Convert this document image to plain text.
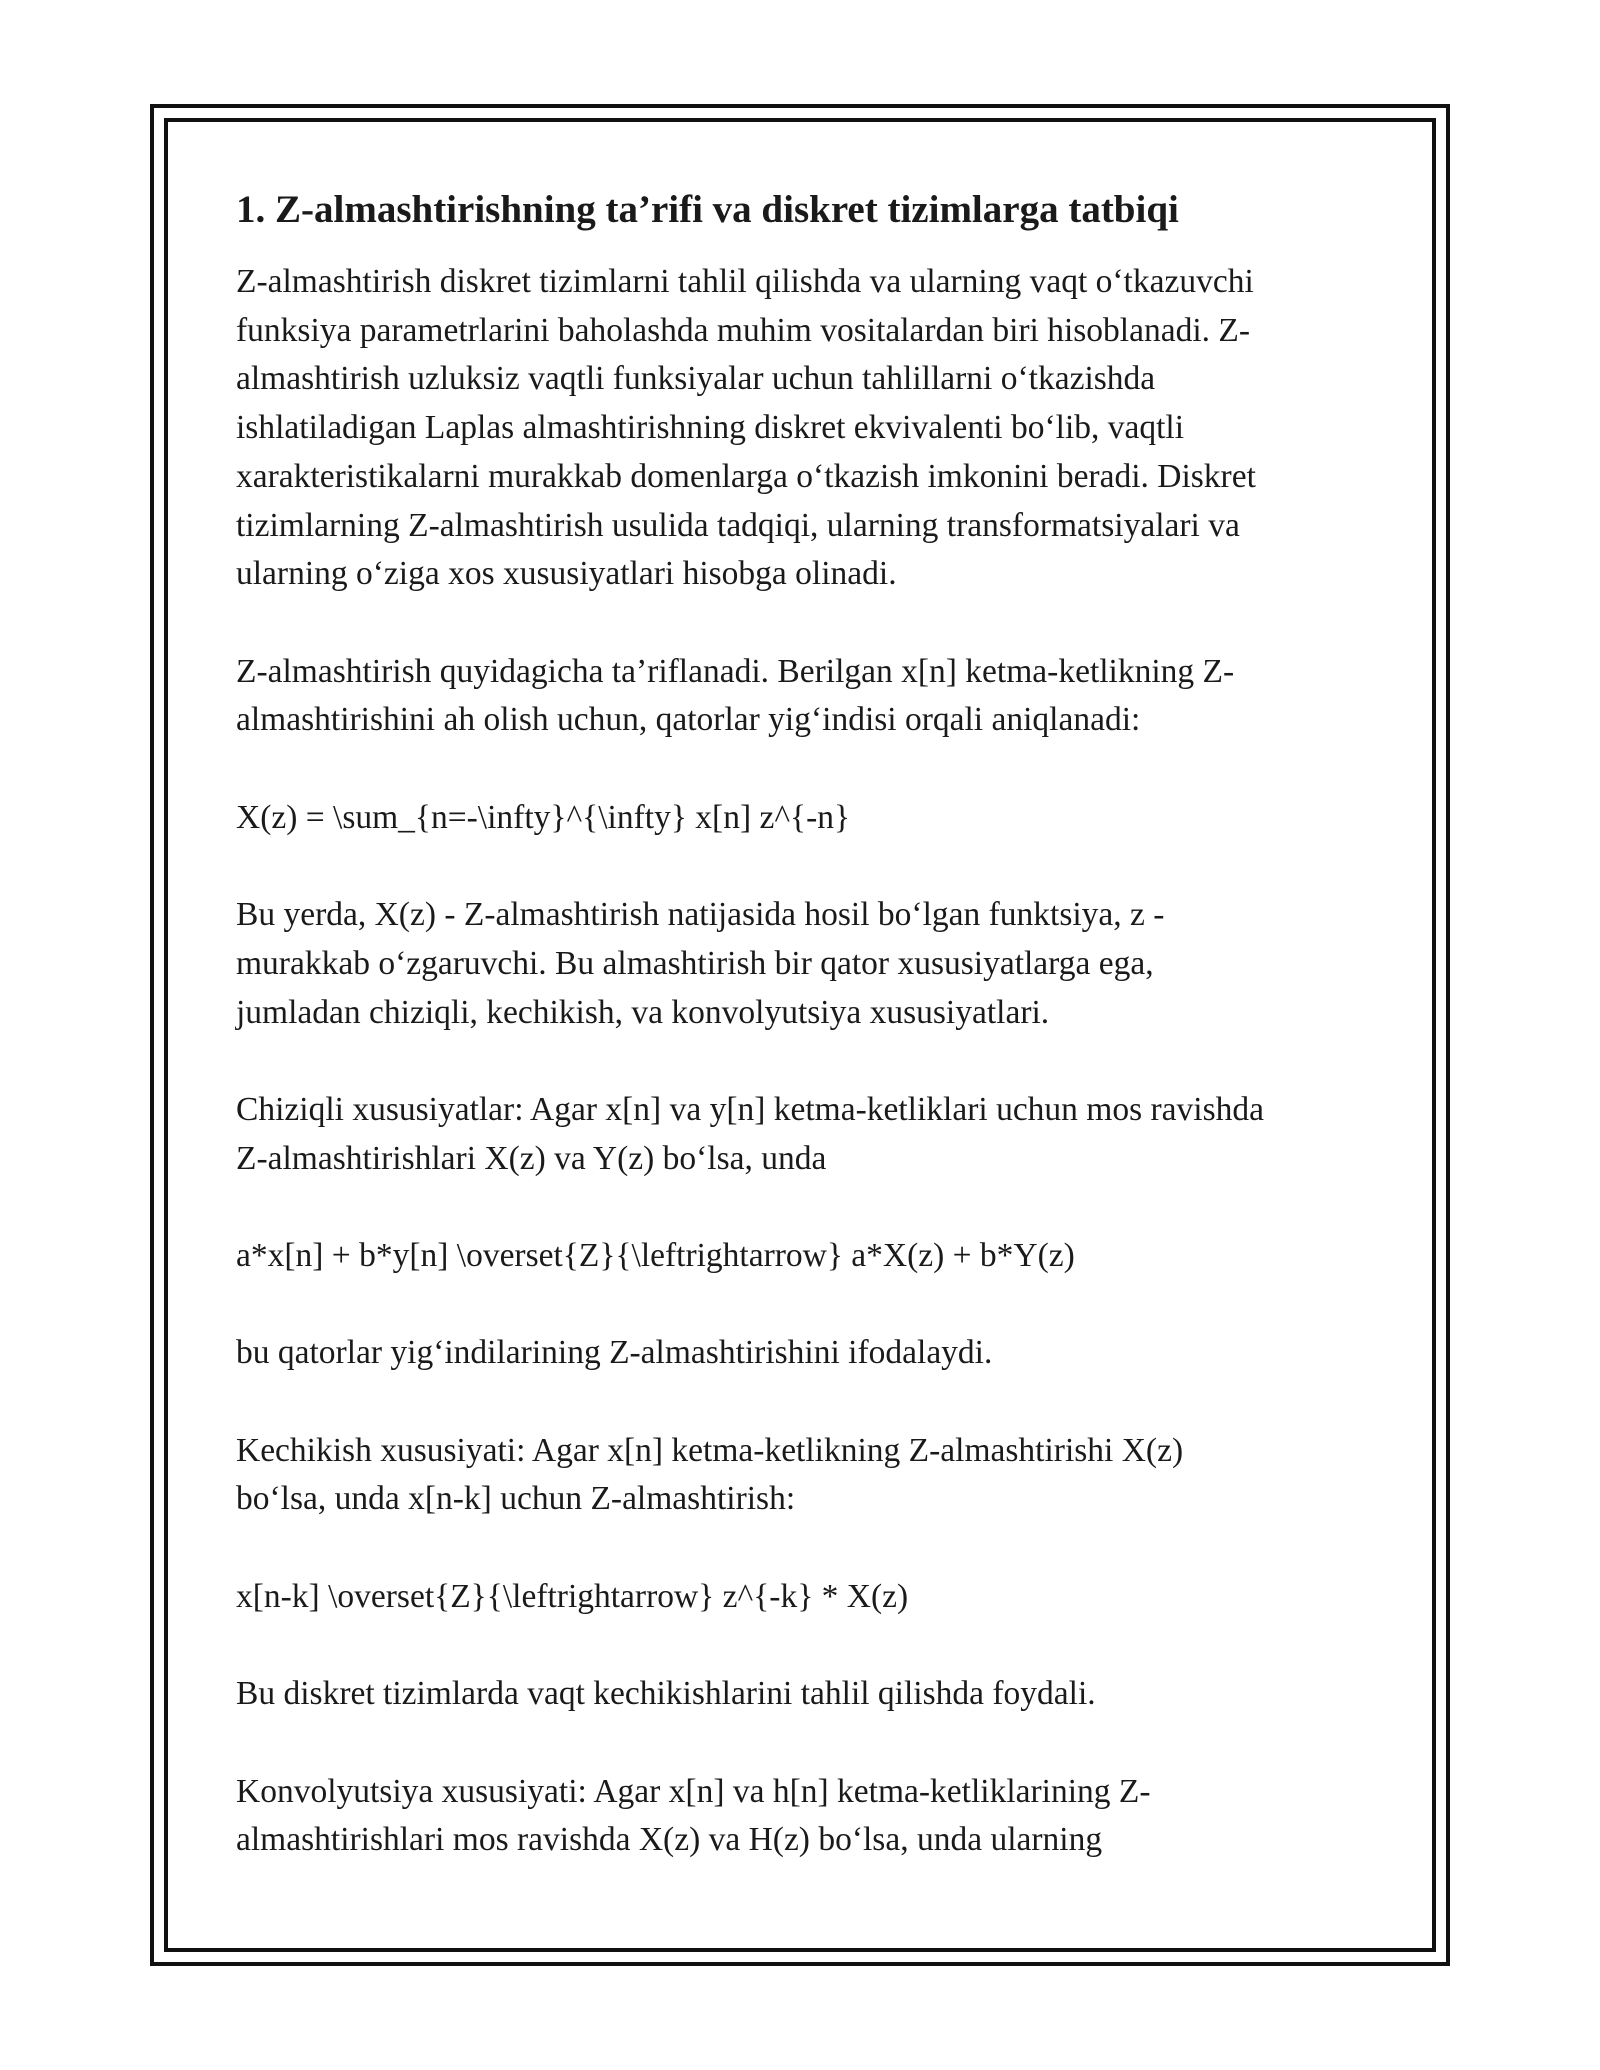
1. Z-almashtirishning ta’rifi va diskret tizimlarga tatbiqi
Z-almashtirish diskret tizimlarni tahlil qilishda va ularning vaqt o‘tkazuvchi
funksiya parametrlarini baholashda muhim vositalardan biri hisoblanadi. Z-
almashtirish uzluksiz vaqtli funksiyalar uchun tahlillarni o‘tkazishda
ishlatiladigan Laplas almashtirishning diskret ekvivalenti bo‘lib, vaqtli
xarakteristikalarni murakkab domenlarga o‘tkazish imkonini beradi. Diskret
tizimlarning Z-almashtirish usulida tadqiqi, ularning transformatsiyalari va
ularning o‘ziga xos xususiyatlari hisobga olinadi.
Z-almashtirish quyidagicha ta’riflanadi. Berilgan x[n] ketma-ketlikning Z-
almashtirishini ah olish uchun, qatorlar yig‘indisi orqali aniqlanadi:
X(z) = \sum_{n=-\infty}^{\infty} x[n] z^{-n}
Bu yerda, X(z) - Z-almashtirish natijasida hosil bo‘lgan funktsiya, z -
murakkab o‘zgaruvchi. Bu almashtirish bir qator xususiyatlarga ega,
jumladan chiziqli, kechikish, va konvolyutsiya xususiyatlari.
Chiziqli xususiyatlar: Agar x[n] va y[n] ketma-ketliklari uchun mos ravishda
Z-almashtirishlari X(z) va Y(z) bo‘lsa, unda
a*x[n] + b*y[n] \overset{Z}{\leftrightarrow} a*X(z) + b*Y(z)
bu qatorlar yig‘indilarining Z-almashtirishini ifodalaydi.
Kechikish xususiyati: Agar x[n] ketma-ketlikning Z-almashtirishi X(z)
bo‘lsa, unda x[n-k] uchun Z-almashtirish:
x[n-k] \overset{Z}{\leftrightarrow} z^{-k} * X(z)
Bu diskret tizimlarda vaqt kechikishlarini tahlil qilishda foydali.
Konvolyutsiya xususiyati: Agar x[n] va h[n] ketma-ketliklarining Z-
almashtirishlari mos ravishda X(z) va H(z) bo‘lsa, unda ularning
